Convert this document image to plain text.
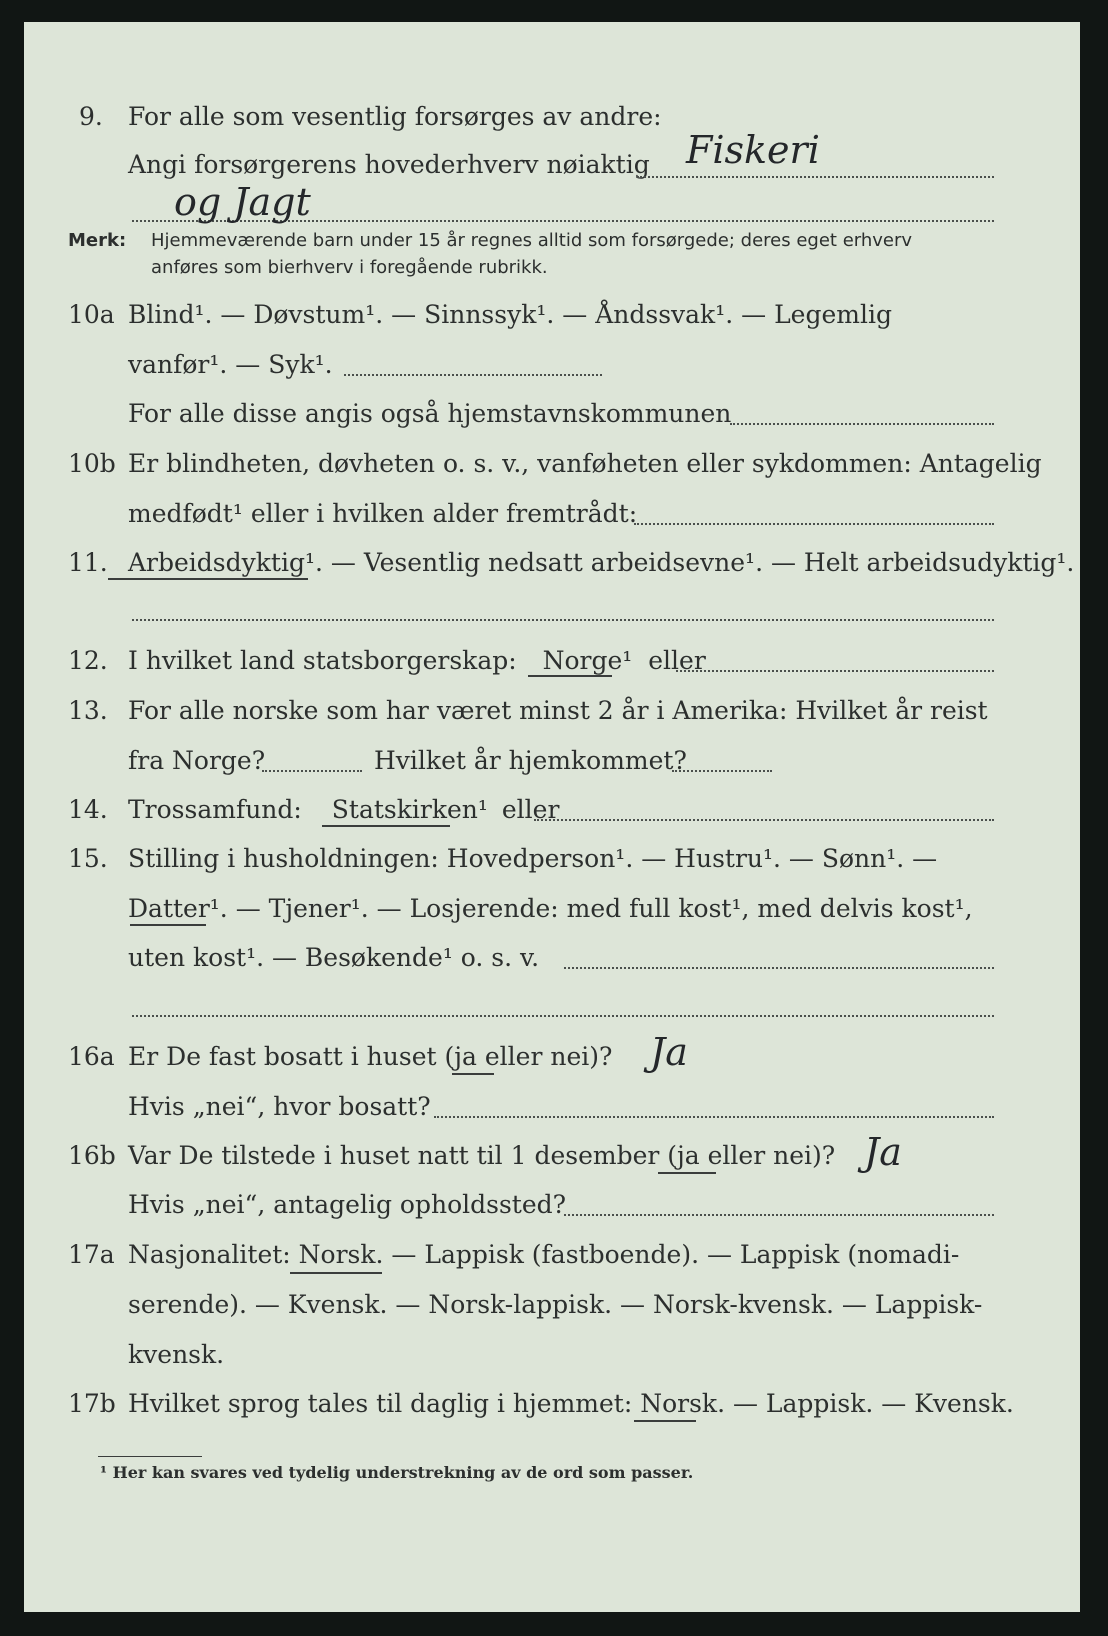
9. For alle som vesentlig forsørges av andre:
Angi forsørgerens hovederhverv nøiaktig Fiskeri
og Jagt
Merk: Hjemmeværende barn under 15 år regnes alltid som forsørgede; deres eget erhverv
anføres som bierhverv i foregående rubrikk.
10a Blind¹. — Døvstum¹. — Sinnssyk¹. — Åndssvak¹. — Legemlig
vanfør¹. — Syk¹.
For alle disse angis også hjemstavnskommunen
10b Er blindheten, døvheten o. s. v., vanføheten eller sykdommen: Antagelig
medfødt¹ eller i hvilken alder fremtrådt:
11. Arbeidsdyktig¹. — Vesentlig nedsatt arbeidsevne¹. — Helt arbeidsudyktig¹.
12. I hvilket land statsborgerskap: Norge¹ eller
13. For alle norske som har været minst 2 år i Amerika: Hvilket år reist
fra Norge?	Hvilket år hjemkommet?
14. Trossamfund: Statskirken¹ eller
15. Stilling i husholdningen: Hovedperson¹. — Hustru¹. — Sønn¹. —
Datter¹. — Tjener¹. — Losjerende: med full kost¹, med delvis kost¹,
uten kost¹. — Besøkende¹ o. s. v.
16a Er De fast bosatt i huset (ja eller nei)? Ja
Hvis „nei“, hvor bosatt?
16b Var De tilstede i huset natt til 1 desember (ja eller nei)? Ja
Hvis „nei“, antagelig opholdssted?
17a Nasjonalitet: Norsk. — Lappisk (fastboende). — Lappisk (nomadi-
serende). — Kvensk. — Norsk-lappisk. — Norsk-kvensk. — Lappisk-
kvensk.
17b Hvilket sprog tales til daglig i hjemmet: Norsk. — Lappisk. — Kvensk.
¹ Her kan svares ved tydelig understrekning av de ord som passer.
